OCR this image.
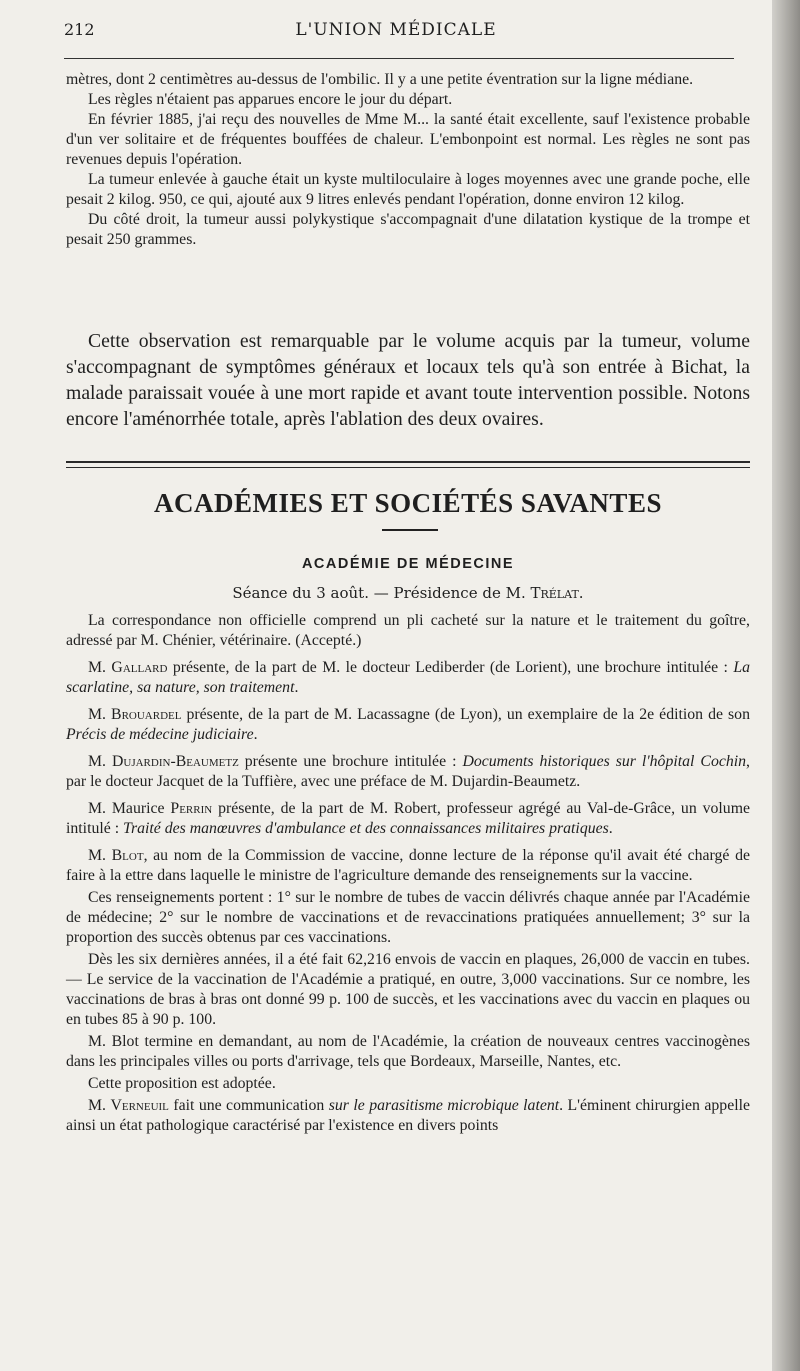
212	L'UNION MÉDICALE

mètres, dont 2 centimètres au-dessus de l'ombilic. Il y a une petite éventration sur la ligne médiane.

Les règles n'étaient pas apparues encore le jour du départ.

En février 1885, j'ai reçu des nouvelles de Mme M... la santé était excellente, sauf l'existence probable d'un ver solitaire et de fréquentes bouffées de chaleur. L'embonpoint est normal. Les règles ne sont pas revenues depuis l'opération.

La tumeur enlevée à gauche était un kyste multiloculaire à loges moyennes avec une grande poche, elle pesait 2 kilog. 950, ce qui, ajouté aux 9 litres enlevés pendant l'opération, donne environ 12 kilog.

Du côté droit, la tumeur aussi polykystique s'accompagnait d'une dilatation kystique de la trompe et pesait 250 grammes.

Cette observation est remarquable par le volume acquis par la tumeur, volume s'accompagnant de symptômes généraux et locaux tels qu'à son entrée à Bichat, la malade paraissait vouée à une mort rapide et avant toute intervention possible. Notons encore l'aménorrhée totale, après l'ablation des deux ovaires.

ACADÉMIES ET SOCIÉTÉS SAVANTES
ACADÉMIE DE MÉDECINE
Séance du 3 août. — Présidence de M. Trélat.

La correspondance non officielle comprend un pli cacheté sur la nature et le traitement du goître, adressé par M. Chénier, vétérinaire. (Accepté.)

M. Gallard présente, de la part de M. le docteur Lediberder (de Lorient), une brochure intitulée : La scarlatine, sa nature, son traitement.

M. Brouardel présente, de la part de M. Lacassagne (de Lyon), un exemplaire de la 2e édition de son Précis de médecine judiciaire.

M. Dujardin-Beaumetz présente une brochure intitulée : Documents historiques sur l'hôpital Cochin, par le docteur Jacquet de la Tuffière, avec une préface de M. Dujardin-Beaumetz.

M. Maurice Perrin présente, de la part de M. Robert, professeur agrégé au Val-de-Grâce, un volume intitulé : Traité des manœuvres d'ambulance et des connaissances militaires pratiques.

M. Blot, au nom de la Commission de vaccine, donne lecture de la réponse qu'il avait été chargé de faire à la ettre dans laquelle le ministre de l'agriculture demande des renseignements sur la vaccine.

Ces renseignements portent : 1° sur le nombre de tubes de vaccin délivrés chaque année par l'Académie de médecine; 2° sur le nombre de vaccinations et de revaccinations pratiquées annuellement; 3° sur la proportion des succès obtenus par ces vaccinations.

Dès les six dernières années, il a été fait 62,216 envois de vaccin en plaques, 26,000 de vaccin en tubes. — Le service de la vaccination de l'Académie a pratiqué, en outre, 3,000 vaccinations. Sur ce nombre, les vaccinations de bras à bras ont donné 99 p. 100 de succès, et les vaccinations avec du vaccin en plaques ou en tubes 85 à 90 p. 100.

M. Blot termine en demandant, au nom de l'Académie, la création de nouveaux centres vaccinogènes dans les principales villes ou ports d'arrivage, tels que Bordeaux, Marseille, Nantes, etc.

Cette proposition est adoptée.

M. Verneuil fait une communication sur le parasitisme microbique latent. L'éminent chirurgien appelle ainsi un état pathologique caractérisé par l'existence en divers points
